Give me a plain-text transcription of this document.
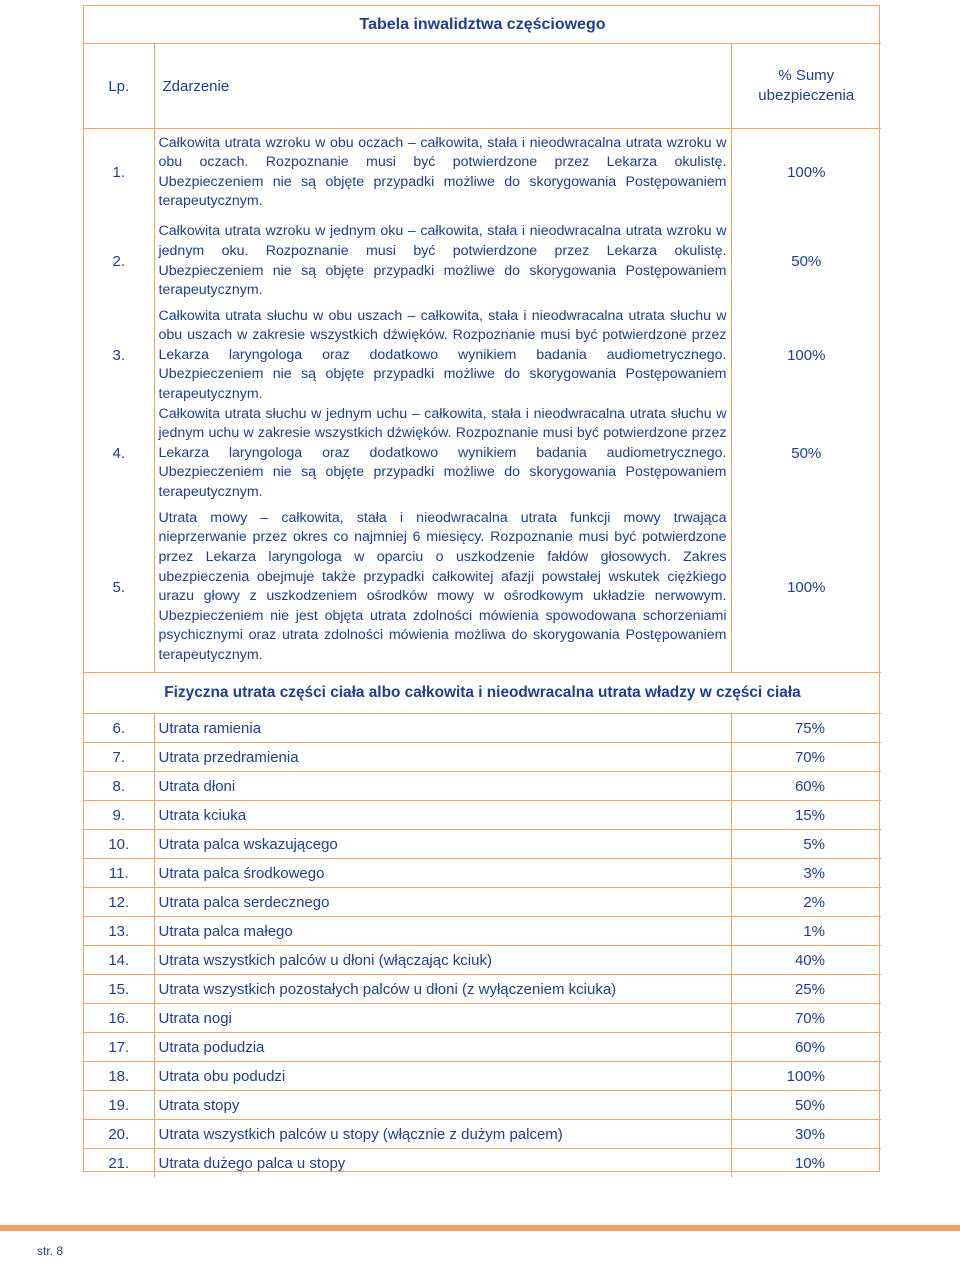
Tabela inwalidztwa częściowego		
Lp.	Zdarzenie	% Sumy
ubezpieczenia

1.	Całkowita utrata wzroku w obu oczach – całkowita, stała i nieodwracalna utrata wzroku w obu oczach. Rozpoznanie musi być potwierdzone przez Lekarza okulistę. Ubezpieczeniem nie są objęte przypadki możliwe do skorygowania Postępowaniem terapeutycznym.	100%
2.	Całkowita utrata wzroku w jednym oku – całkowita, stała i nieodwracalna utrata wzroku w jednym oku. Rozpoznanie musi być potwierdzone przez Lekarza okulistę. Ubezpieczeniem nie są objęte przypadki możliwe do skorygowania Postępowaniem terapeutycznym.	50%
3.	Całkowita utrata słuchu w obu uszach – całkowita, stała i nieodwracalna utrata słuchu w obu uszach w zakresie wszystkich dźwięków. Rozpoznanie musi być potwierdzone przez Lekarza laryngologa oraz dodatkowo wynikiem badania audiometrycznego. Ubezpieczeniem nie są objęte przypadki możliwe do skorygowania Postępowaniem terapeutycznym.	100%
4.	Całkowita utrata słuchu w jednym uchu – całkowita, stała i nieodwracalna utrata słuchu w jednym uchu w zakresie wszystkich dźwięków. Rozpoznanie musi być potwierdzone przez Lekarza laryngologa oraz dodatkowo wynikiem badania audiometrycznego. Ubezpieczeniem nie są objęte przypadki możliwe do skorygowania Postępowaniem terapeutycznym.	50%
5.	Utrata mowy – całkowita, stała i nieodwracalna utrata funkcji mowy trwająca nieprzerwanie przez okres co najmniej 6 miesięcy. Rozpoznanie musi być potwierdzone przez Lekarza laryngologa w oparciu o uszkodzenie fałdów głosowych. Zakres ubezpieczenia obejmuje także przypadki całkowitej afazji powstałej wskutek ciężkiego urazu głowy z uszkodzeniem ośrodków mowy w ośrodkowym układzie nerwowym. Ubezpieczeniem nie jest objęta utrata zdolności mówienia spowodowana schorzeniami psychicznymi oraz utrata zdolności mówienia możliwa do skorygowania Postępowaniem terapeutycznym.	100%
Fizyczna utrata części ciała albo całkowita i nieodwracalna utrata władzy w części ciała		
6.	Utrata ramienia	75%
7.	Utrata przedramienia	70%
8.	Utrata dłoni	60%
9.	Utrata kciuka	15%
10.	Utrata palca wskazującego	5%
11.	Utrata palca środkowego	3%
12.	Utrata palca serdecznego	2%
13.	Utrata palca małego	1%
14.	Utrata wszystkich palców u dłoni (włączając kciuk)	40%
15.	Utrata wszystkich pozostałych palców u dłoni (z wyłączeniem kciuka)	25%
16.	Utrata nogi	70%
17.	Utrata podudzia	60%
18.	Utrata obu podudzi	100%
19.	Utrata stopy	50%
20.	Utrata wszystkich palców u stopy (włącznie z dużym palcem)	30%
21.	Utrata dużego palca u stopy	10%
str. 8
